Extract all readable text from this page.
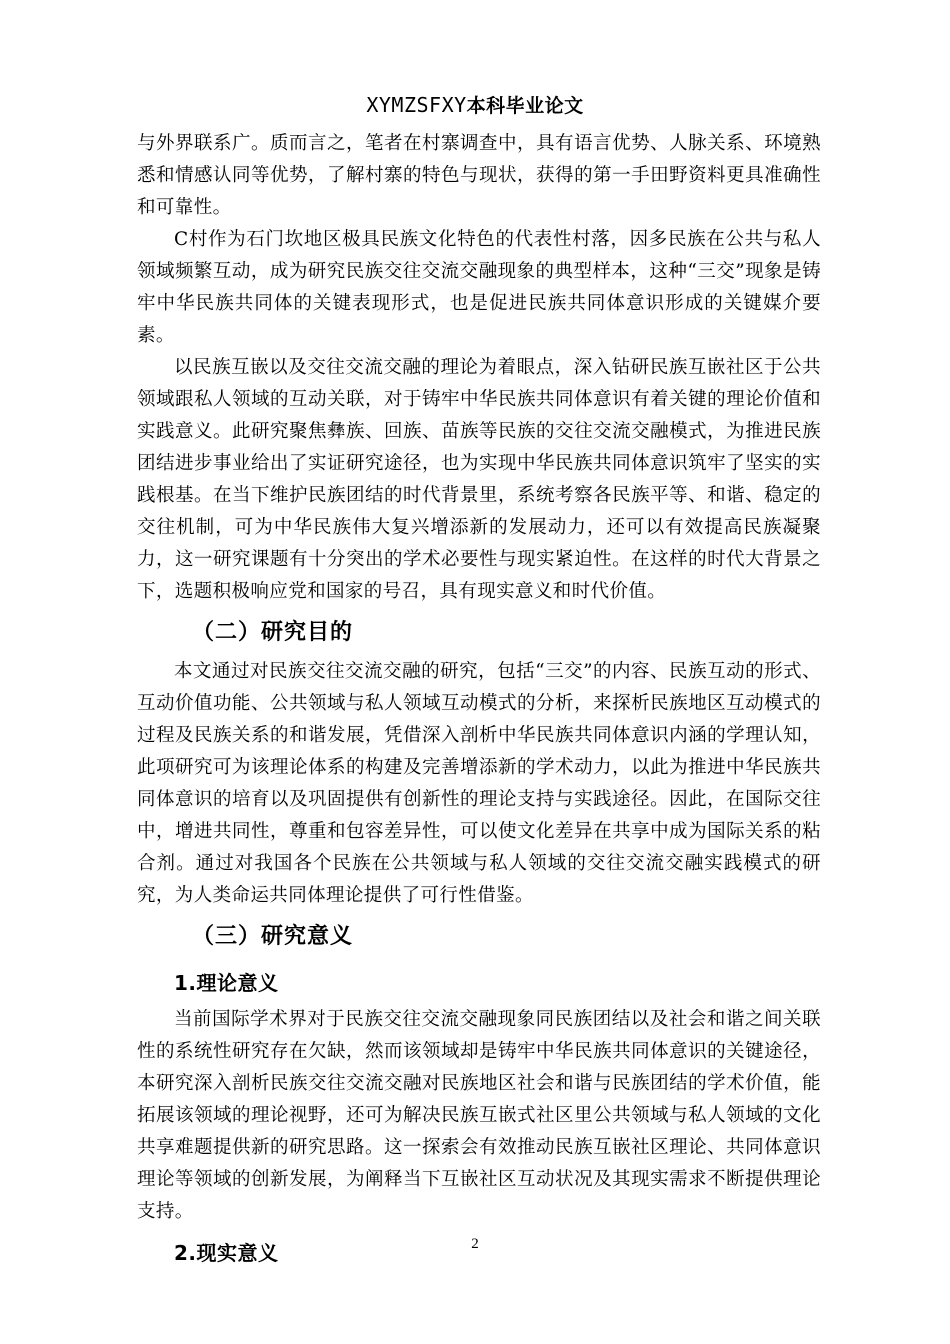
XYMZSFXY本科毕业论文

与外界联系广。质而言之，笔者在村寨调查中，具有语言优势、人脉关系、环境熟悉和情感认同等优势，了解村寨的特色与现状，获得的第一手田野资料更具准确性和可靠性。

C村作为石门坎地区极具民族文化特色的代表性村落，因多民族在公共与私人领域频繁互动，成为研究民族交往交流交融现象的典型样本，这种“三交”现象是铸牢中华民族共同体的关键表现形式，也是促进民族共同体意识形成的关键媒介要素。

以民族互嵌以及交往交流交融的理论为着眼点，深入钻研民族互嵌社区于公共领域跟私人领域的互动关联，对于铸牢中华民族共同体意识有着关键的理论价值和实践意义。此研究聚焦彝族、回族、苗族等民族的交往交流交融模式，为推进民族团结进步事业给出了实证研究途径，也为实现中华民族共同体意识筑牢了坚实的实践根基。在当下维护民族团结的时代背景里，系统考察各民族平等、和谐、稳定的交往机制，可为中华民族伟大复兴增添新的发展动力，还可以有效提高民族凝聚力，这一研究课题有十分突出的学术必要性与现实紧迫性。在这样的时代大背景之下，选题积极响应党和国家的号召，具有现实意义和时代价值。

（二）研究目的

本文通过对民族交往交流交融的研究，包括“三交”的内容、民族互动的形式、互动价值功能、公共领域与私人领域互动模式的分析，来探析民族地区互动模式的过程及民族关系的和谐发展，凭借深入剖析中华民族共同体意识内涵的学理认知，此项研究可为该理论体系的构建及完善增添新的学术动力，以此为推进中华民族共同体意识的培育以及巩固提供有创新性的理论支持与实践途径。因此，在国际交往中，增进共同性，尊重和包容差异性，可以使文化差异在共享中成为国际关系的粘合剂。通过对我国各个民族在公共领域与私人领域的交往交流交融实践模式的研究，为人类命运共同体理论提供了可行性借鉴。

（三）研究意义
1.理论意义

当前国际学术界对于民族交往交流交融现象同民族团结以及社会和谐之间关联性的系统性研究存在欠缺，然而该领域却是铸牢中华民族共同体意识的关键途径，本研究深入剖析民族交往交流交融对民族地区社会和谐与民族团结的学术价值，能拓展该领域的理论视野，还可为解决民族互嵌式社区里公共领域与私人领域的文化共享难题提供新的研究思路。这一探索会有效推动民族互嵌社区理论、共同体意识理论等领域的创新发展，为阐释当下互嵌社区互动状况及其现实需求不断提供理论支持。

2.现实意义	2
